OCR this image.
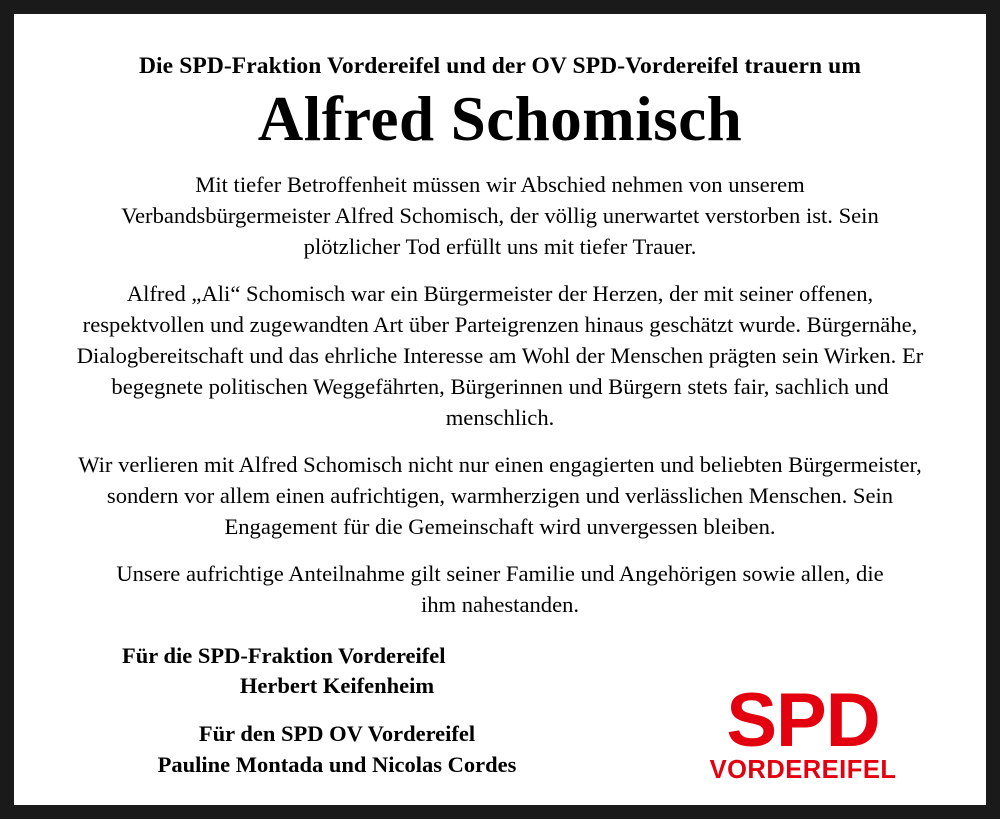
Die SPD-Fraktion Vordereifel und der OV SPD-Vordereifel trauern um
Alfred Schomisch

Mit tiefer Betroffenheit müssen wir Abschied nehmen von unserem Verbandsbürgermeister Alfred Schomisch, der völlig unerwartet verstorben ist. Sein plötzlicher Tod erfüllt uns mit tiefer Trauer.

Alfred „Ali“ Schomisch war ein Bürgermeister der Herzen, der mit seiner offenen, respektvollen und zugewandten Art über Parteigrenzen hinaus geschätzt wurde. Bürgernähe, Dialogbereitschaft und das ehrliche Interesse am Wohl der Menschen prägten sein Wirken. Er begegnete politischen Weggefährten, Bürgerinnen und Bürgern stets fair, sachlich und menschlich.

Wir verlieren mit Alfred Schomisch nicht nur einen engagierten und beliebten Bürgermeister, sondern vor allem einen aufrichtigen, warmherzigen und verlässlichen Menschen. Sein Engagement für die Gemeinschaft wird unvergessen bleiben.

Unsere aufrichtige Anteilnahme gilt seiner Familie und Angehörigen sowie allen, die ihm nahestanden.

Für die SPD-Fraktion Vordereifel
Herbert Keifenheim
Für den SPD OV Vordereifel
Pauline Montada und Nicolas Cordes
SPD
VORDEREIFEL
